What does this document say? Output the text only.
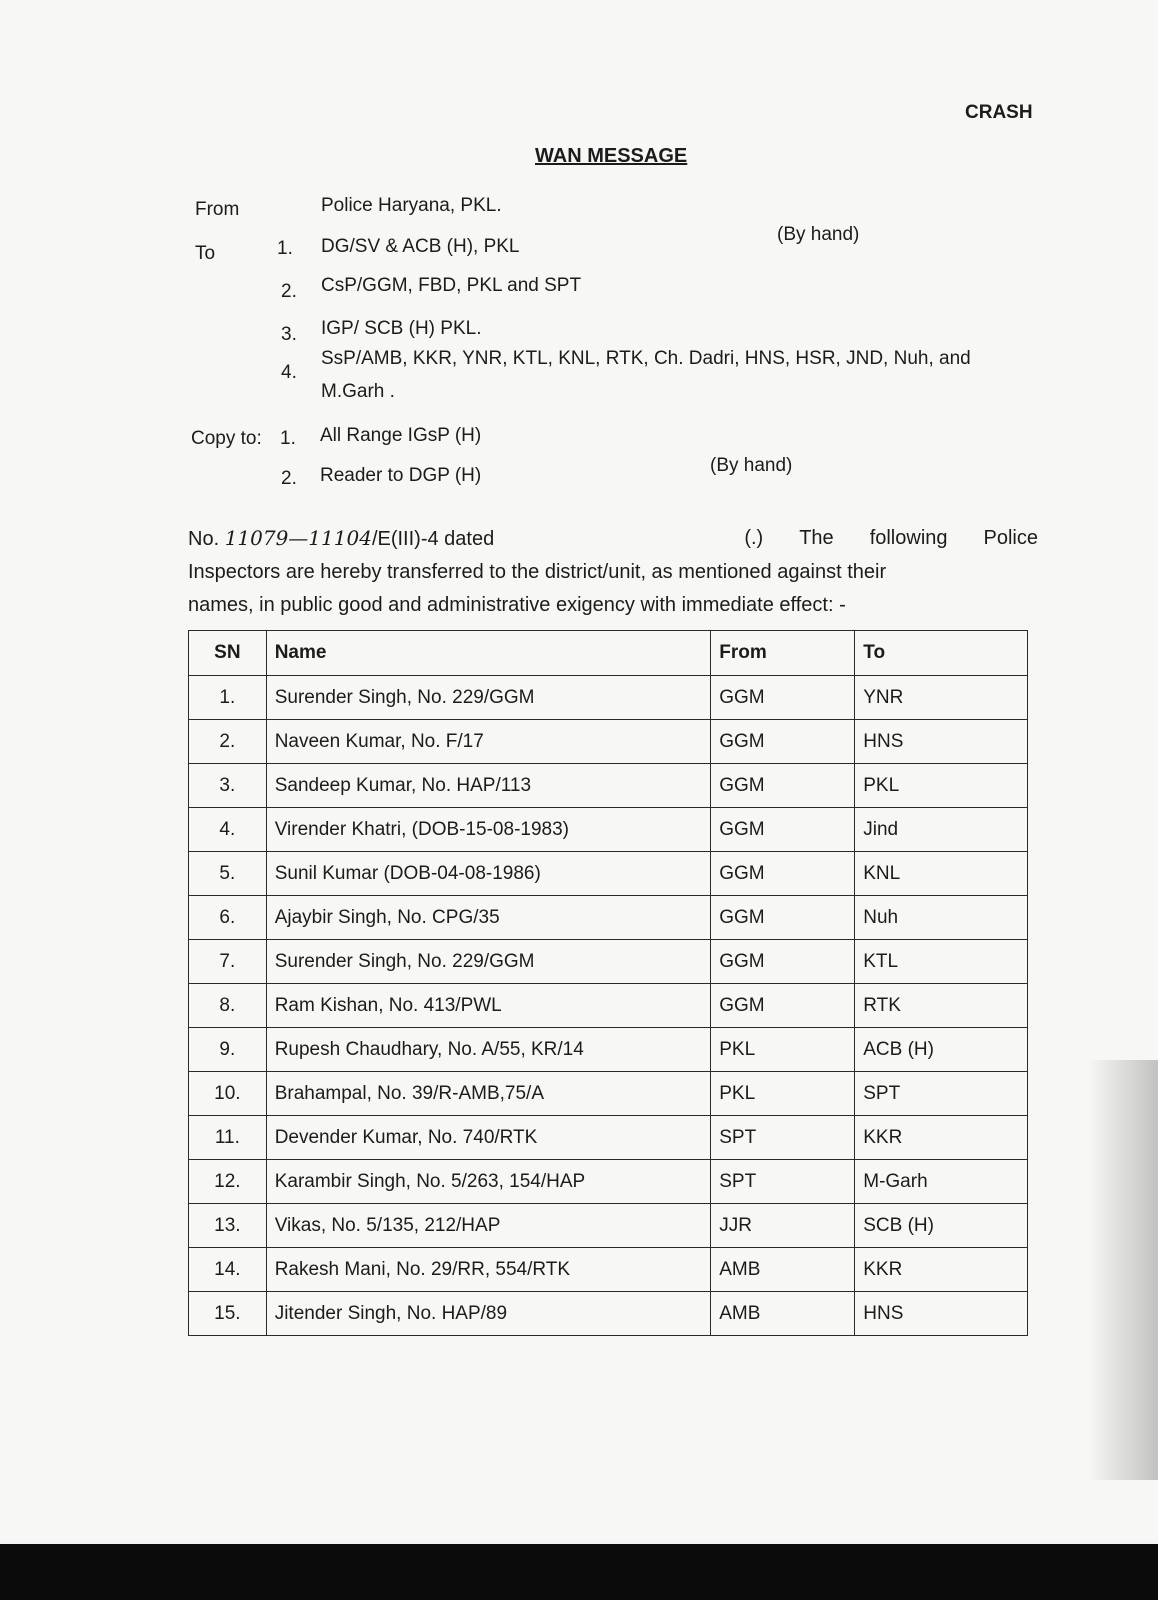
CRASH
WAN MESSAGE
From	Police Haryana, PKL.
To
(By hand)
1. DG/SV & ACB (H), PKL
2. CsP/GGM, FBD, PKL and SPT
3. IGP/ SCB (H) PKL.
4.
SsP/AMB, KKR, YNR, KTL, KNL, RTK, Ch. Dadri, HNS, HSR, JND, Nuh, and
M.Garh .
Copy to: 1. All Range IGsP (H)
2. Reader to DGP (H)	(By hand)
No. 11079—11104/E(III)-4 dated	(.) The following Police
Inspectors are hereby transferred to the district/unit, as mentioned against their
names, in public good and administrative exigency with immediate effect: -
SN	Name	From	To
1.	Surender Singh, No. 229/GGM	GGM	YNR
2.	Naveen Kumar, No. F/17	GGM	HNS
3.	Sandeep Kumar, No. HAP/113	GGM	PKL
4.	Virender Khatri, (DOB-15-08-1983)	GGM	Jind
5.	Sunil Kumar (DOB-04-08-1986)	GGM	KNL
6.	Ajaybir Singh, No. CPG/35	GGM	Nuh
7.	Surender Singh, No. 229/GGM	GGM	KTL
8.	Ram Kishan, No. 413/PWL	GGM	RTK
9.	Rupesh Chaudhary, No. A/55, KR/14	PKL	ACB (H)
10.	Brahampal, No. 39/R-AMB,75/A	PKL	SPT
11.	Devender Kumar, No. 740/RTK	SPT	KKR
12.	Karambir Singh, No. 5/263, 154/HAP	SPT	M-Garh
13.	Vikas, No. 5/135, 212/HAP	JJR	SCB (H)
14.	Rakesh Mani, No. 29/RR, 554/RTK	AMB	KKR
15.	Jitender Singh, No. HAP/89	AMB	HNS
